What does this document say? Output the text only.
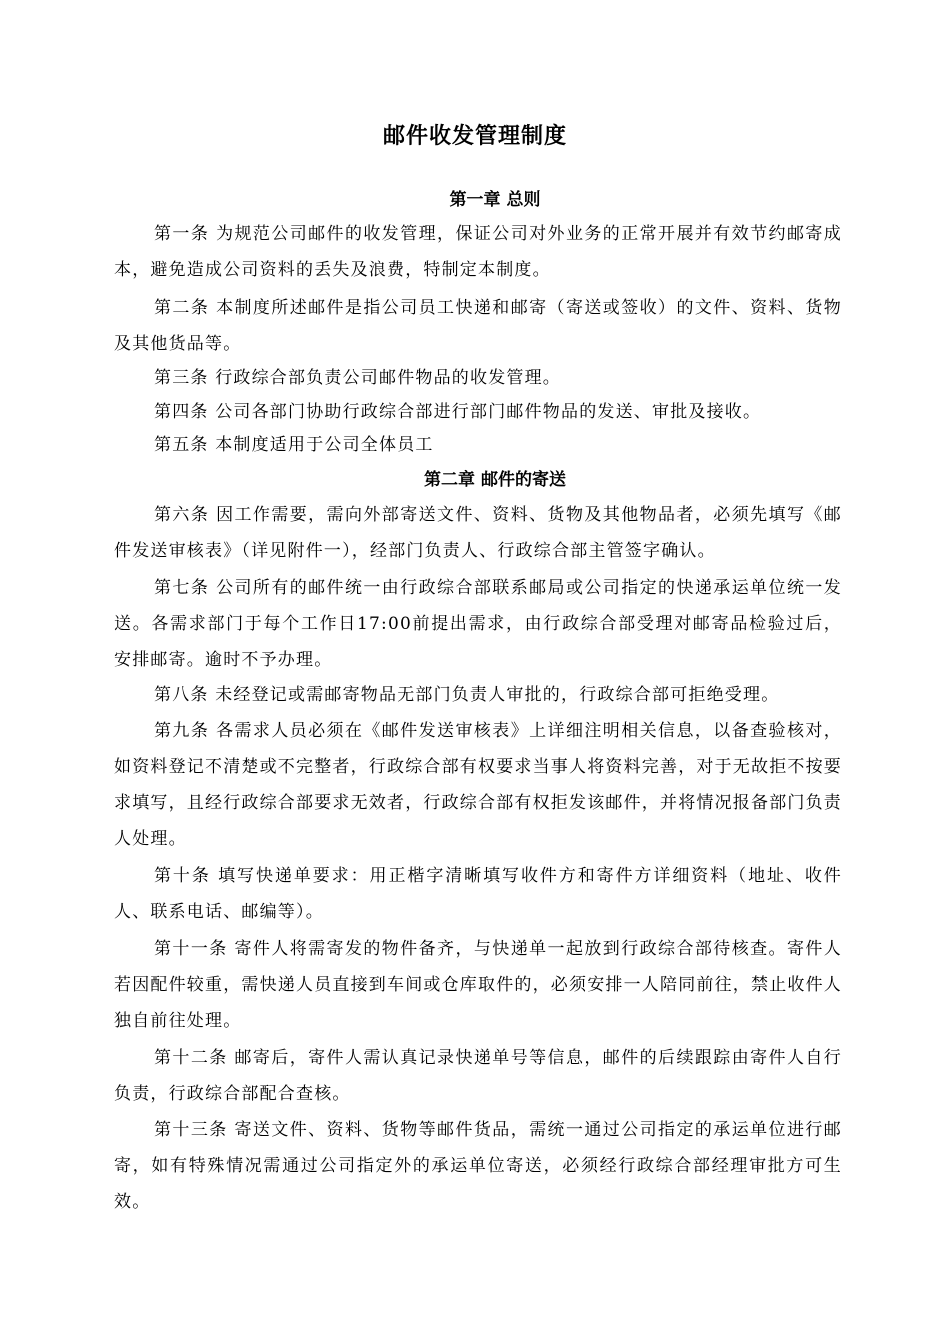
邮件收发管理制度
第一章 总则
第一条 为规范公司邮件的收发管理，保证公司对外业务的正常开展并有效节约邮寄成本，避免造成公司资料的丢失及浪费，特制定本制度。
第二条 本制度所述邮件是指公司员工快递和邮寄（寄送或签收）的文件、资料、货物及其他货品等。
第三条 行政综合部负责公司邮件物品的收发管理。
第四条 公司各部门协助行政综合部进行部门邮件物品的发送、审批及接收。
第五条 本制度适用于公司全体员工
第二章 邮件的寄送
第六条 因工作需要，需向外部寄送文件、资料、货物及其他物品者，必须先填写《邮件发送审核表》（详见附件一），经部门负责人、行政综合部主管签字确认。
第七条 公司所有的邮件统一由行政综合部联系邮局或公司指定的快递承运单位统一发送。各需求部门于每个工作日17:00前提出需求，由行政综合部受理对邮寄品检验过后，安排邮寄。逾时不予办理。
第八条 未经登记或需邮寄物品无部门负责人审批的，行政综合部可拒绝受理。
第九条 各需求人员必须在《邮件发送审核表》上详细注明相关信息，以备查验核对，如资料登记不清楚或不完整者，行政综合部有权要求当事人将资料完善，对于无故拒不按要求填写，且经行政综合部要求无效者，行政综合部有权拒发该邮件，并将情况报备部门负责人处理。
第十条 填写快递单要求：用正楷字清晰填写收件方和寄件方详细资料（地址、收件人、联系电话、邮编等）。
第十一条 寄件人将需寄发的物件备齐，与快递单一起放到行政综合部待核查。寄件人若因配件较重，需快递人员直接到车间或仓库取件的，必须安排一人陪同前往，禁止收件人独自前往处理。
第十二条 邮寄后，寄件人需认真记录快递单号等信息，邮件的后续跟踪由寄件人自行负责，行政综合部配合查核。
第十三条 寄送文件、资料、货物等邮件货品，需统一通过公司指定的承运单位进行邮寄，如有特殊情况需通过公司指定外的承运单位寄送，必须经行政综合部经理审批方可生效。
